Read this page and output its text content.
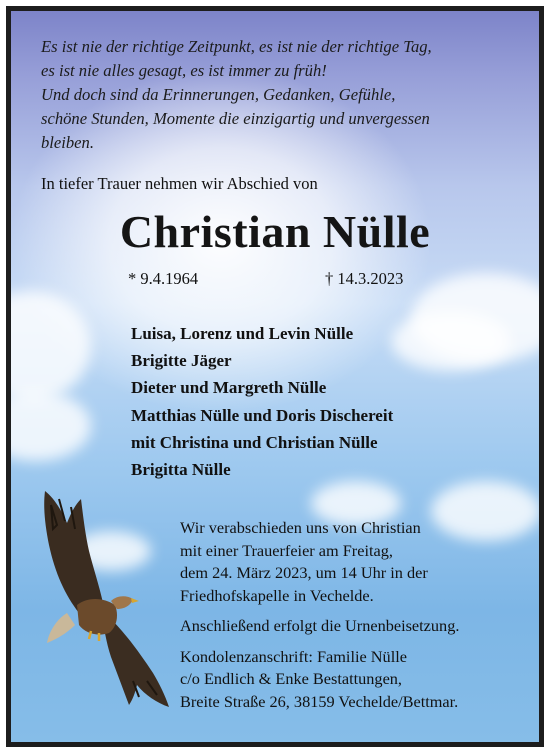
Es ist nie der richtige Zeitpunkt, es ist nie der richtige Tag,
es ist nie alles gesagt, es ist immer zu früh!
Und doch sind da Erinnerungen, Gedanken, Gefühle,
schöne Stunden, Momente die einzigartig und unvergessen
bleiben.
In tiefer Trauer nehmen wir Abschied von
Christian Nülle
* 9.4.1964	† 14.3.2023
Luisa, Lorenz und Levin Nülle
Brigitte Jäger
Dieter und Margreth Nülle
Matthias Nülle und Doris Dischereit
mit Christina und Christian Nülle
Brigitta Nülle
Wir verabschieden uns von Christian
mit einer Trauerfeier am Freitag,
dem 24. März 2023, um 14 Uhr in der
Friedhofskapelle in Vechelde.
Anschließend erfolgt die Urnenbeisetzung.
Kondolenzanschrift: Familie Nülle
c/o Endlich & Enke Bestattungen,
Breite Straße 26, 38159 Vechelde/Bettmar.
